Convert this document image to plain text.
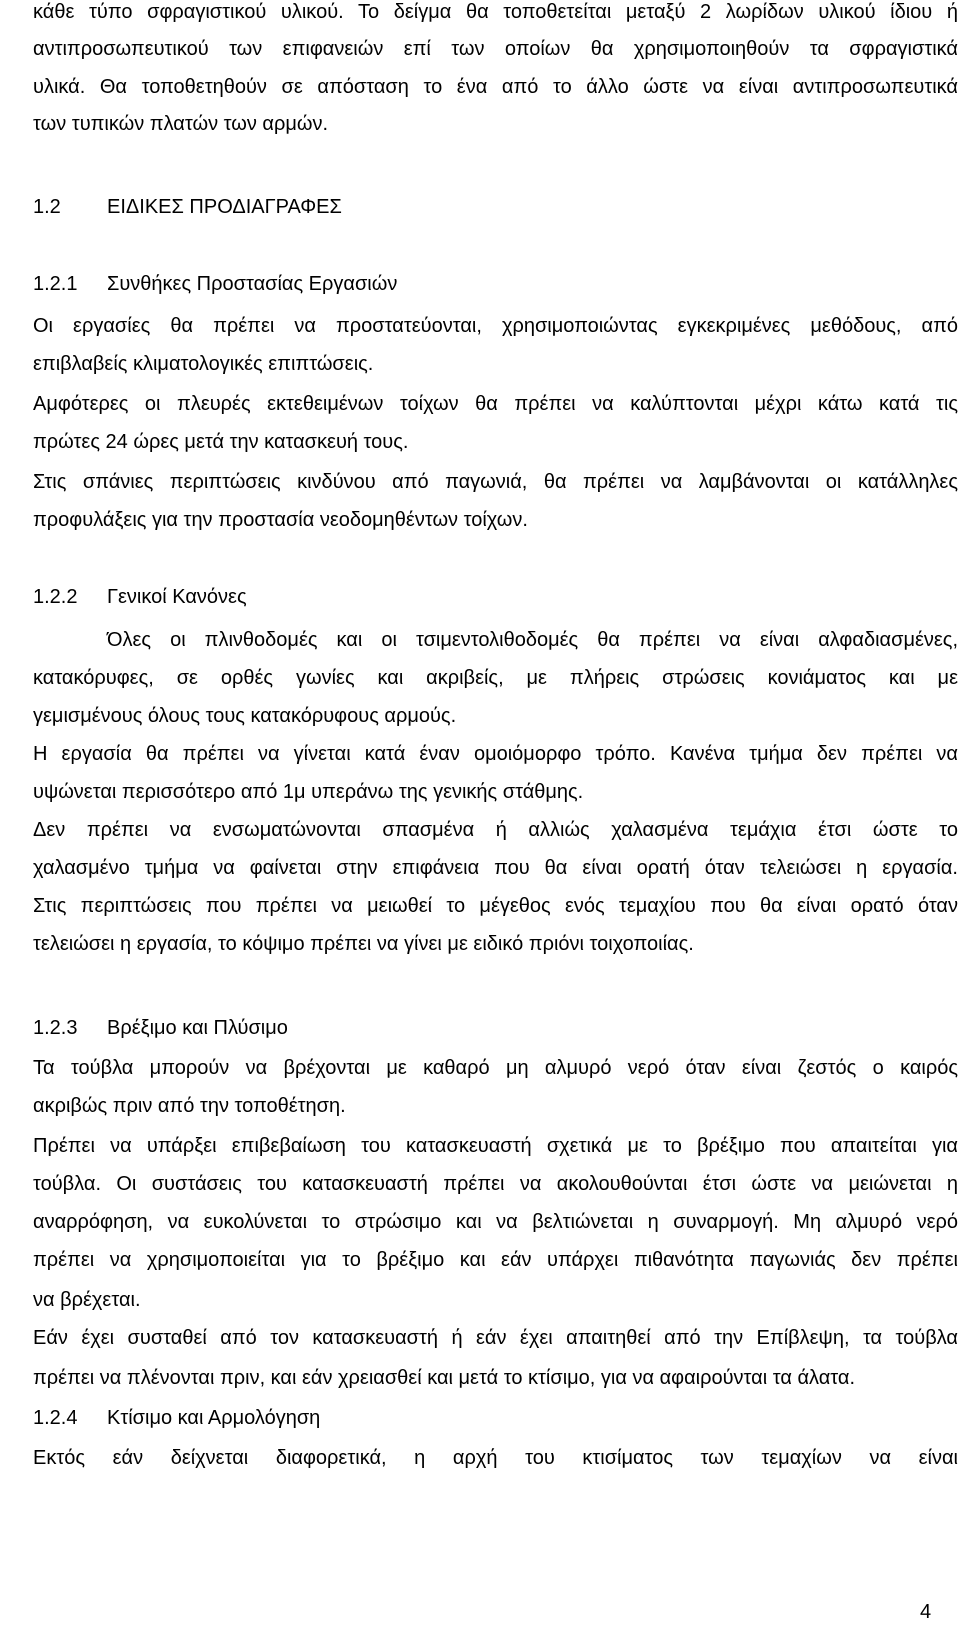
κάθε τύπο σφραγιστικού υλικού. Το δείγμα θα τοποθετείται μεταξύ 2 λωρίδων υλικού ίδιου ή
αντιπροσωπευτικού των επιφανειών επί των οποίων θα χρησιμοποιηθούν τα σφραγιστικά
υλικά. Θα τοποθετηθούν σε απόσταση το ένα από το άλλο ώστε να είναι αντιπροσωπευτικά
των τυπικών πλατών των αρμών.
1.2 ΕΙΔΙΚΕΣ ΠΡΟΔΙΑΓΡΑΦΕΣ
1.2.1 Συνθήκες Προστασίας Εργασιών
Οι εργασίες θα πρέπει να προστατεύονται, χρησιμοποιώντας εγκεκριμένες μεθόδους, από
επιβλαβείς κλιματολογικές επιπτώσεις.
Αμφότερες οι πλευρές εκτεθειμένων τοίχων θα πρέπει να καλύπτονται μέχρι κάτω κατά τις
πρώτες 24 ώρες μετά την κατασκευή τους.
Στις σπάνιες περιπτώσεις κινδύνου από παγωνιά, θα πρέπει να λαμβάνονται οι κατάλληλες
προφυλάξεις για την προστασία νεοδομηθέντων τοίχων.
1.2.2 Γενικοί Κανόνες
Όλες οι πλινθοδομές και οι τσιμεντολιθοδομές θα πρέπει να είναι αλφαδιασμένες,
κατακόρυφες, σε ορθές γωνίες και ακριβείς, με πλήρεις στρώσεις κονιάματος και με
γεμισμένους όλους τους κατακόρυφους αρμούς.
Η εργασία θα πρέπει να γίνεται κατά έναν ομοιόμορφο τρόπο. Κανένα τμήμα δεν πρέπει να
υψώνεται περισσότερο από 1μ υπεράνω της γενικής στάθμης.
Δεν πρέπει να ενσωματώνονται σπασμένα ή αλλιώς χαλασμένα τεμάχια έτσι ώστε το
χαλασμένο τμήμα να φαίνεται στην επιφάνεια που θα είναι ορατή όταν τελειώσει η εργασία.
Στις περιπτώσεις που πρέπει να μειωθεί το μέγεθος ενός τεμαχίου που θα είναι ορατό όταν
τελειώσει η εργασία, το κόψιμο πρέπει να γίνει με ειδικό πριόνι τοιχοποιίας.
1.2.3 Βρέξιμο και Πλύσιμο
Τα τούβλα μπορούν να βρέχονται με καθαρό μη αλμυρό νερό όταν είναι ζεστός ο καιρός
ακριβώς πριν από την τοποθέτηση.
Πρέπει να υπάρξει επιβεβαίωση του κατασκευαστή σχετικά με το βρέξιμο που απαιτείται για
τούβλα. Οι συστάσεις του κατασκευαστή πρέπει να ακολουθούνται έτσι ώστε να μειώνεται η
αναρρόφηση, να ευκολύνεται το στρώσιμο και να βελτιώνεται η συναρμογή. Μη αλμυρό νερό
πρέπει να χρησιμοποιείται για το βρέξιμο και εάν υπάρχει πιθανότητα παγωνιάς δεν πρέπει
να βρέχεται.
Εάν έχει συσταθεί από τον κατασκευαστή ή εάν έχει απαιτηθεί από την Επίβλεψη, τα τούβλα
πρέπει να πλένονται πριν, και εάν χρειασθεί και μετά το κτίσιμο, για να αφαιρούνται τα άλατα.
1.2.4 Κτίσιμο και Αρμολόγηση
Εκτός εάν δείχνεται διαφορετικά, η αρχή του κτισίματος των τεμαχίων να είναι
4
